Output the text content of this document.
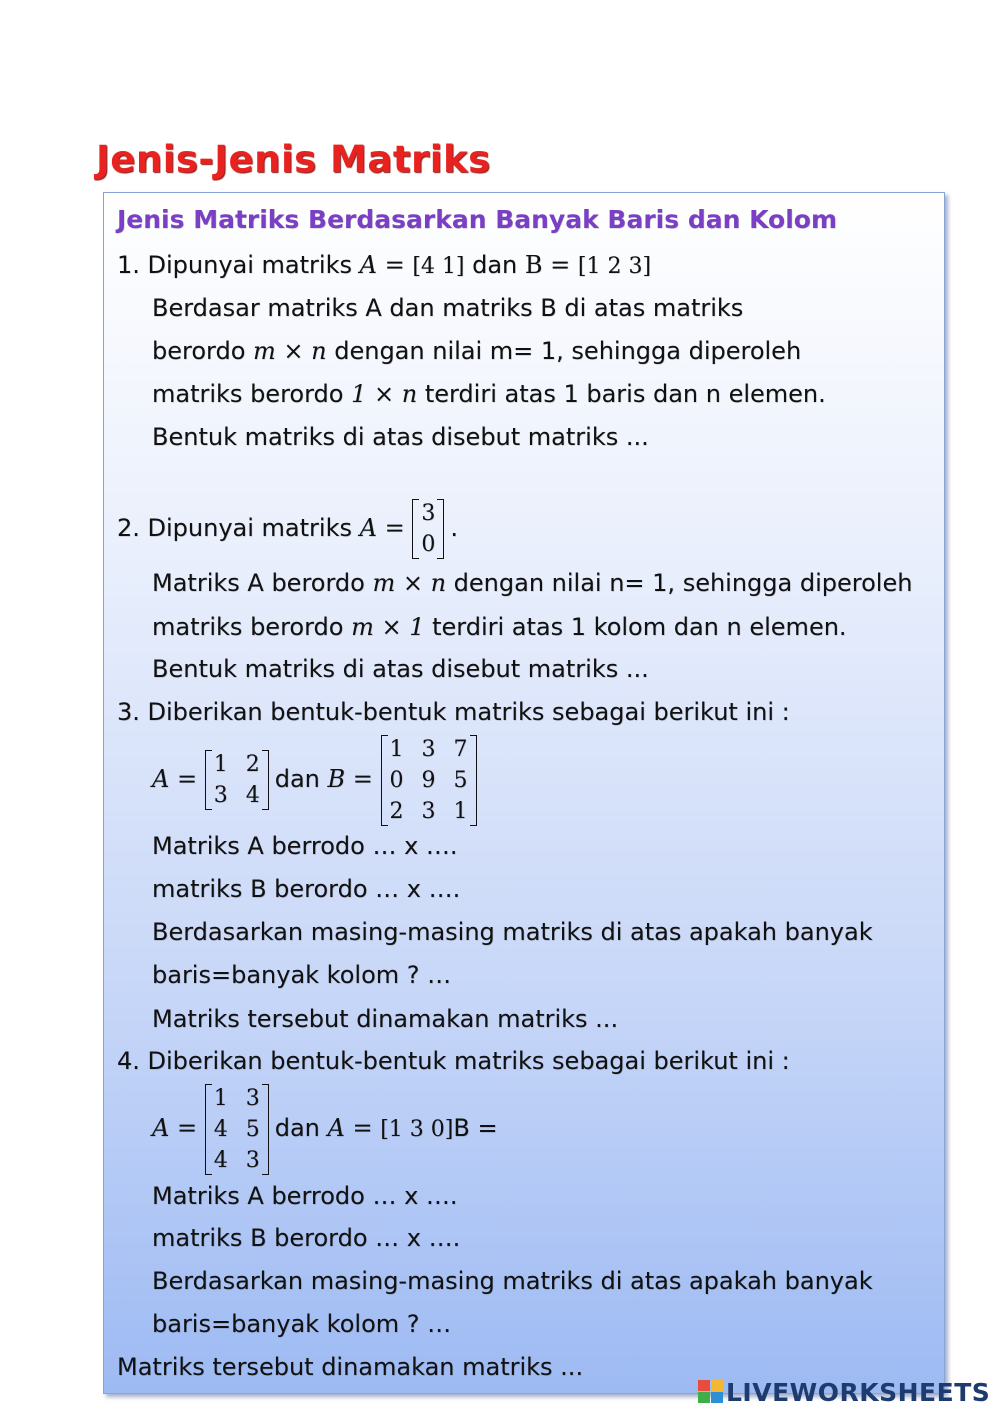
Jenis-Jenis Matriks
Jenis Matriks Berdasarkan Banyak Baris dan Kolom
1. Dipunyai matriks A = [4 1] dan B = [1 2 3]
Berdasar matriks A dan matriks B di atas matriks
berordo m × n dengan nilai m= 1, sehingga diperoleh
matriks berordo 1 × n terdiri atas 1 baris dan n elemen.
Bentuk matriks di atas disebut matriks ...
2. Dipunyai matriks A =
3
0
.
Matriks A berordo m × n dengan nilai n= 1, sehingga diperoleh
matriks berordo m × 1 terdiri atas 1 kolom dan n elemen.
Bentuk matriks di atas disebut matriks ...
3. Diberikan bentuk-bentuk matriks sebagai berikut ini :
A =
1	2
3	4
dan B =
1	3	7
0	9	5
2	3	1
Matriks A berrodo … x ….
matriks B berordo … x ….
Berdasarkan masing-masing matriks di atas apakah banyak
baris=banyak kolom ? …
Matriks tersebut dinamakan matriks ...
4. Diberikan bentuk-bentuk matriks sebagai berikut ini :
A =
1	3
4	5
4	3
dan A = [1 3 0]B =
Matriks A berrodo … x ….
matriks B berordo … x ….
Berdasarkan masing-masing matriks di atas apakah banyak
baris=banyak kolom ? …
Matriks tersebut dinamakan matriks ...
LIVEWORKSHEETS
